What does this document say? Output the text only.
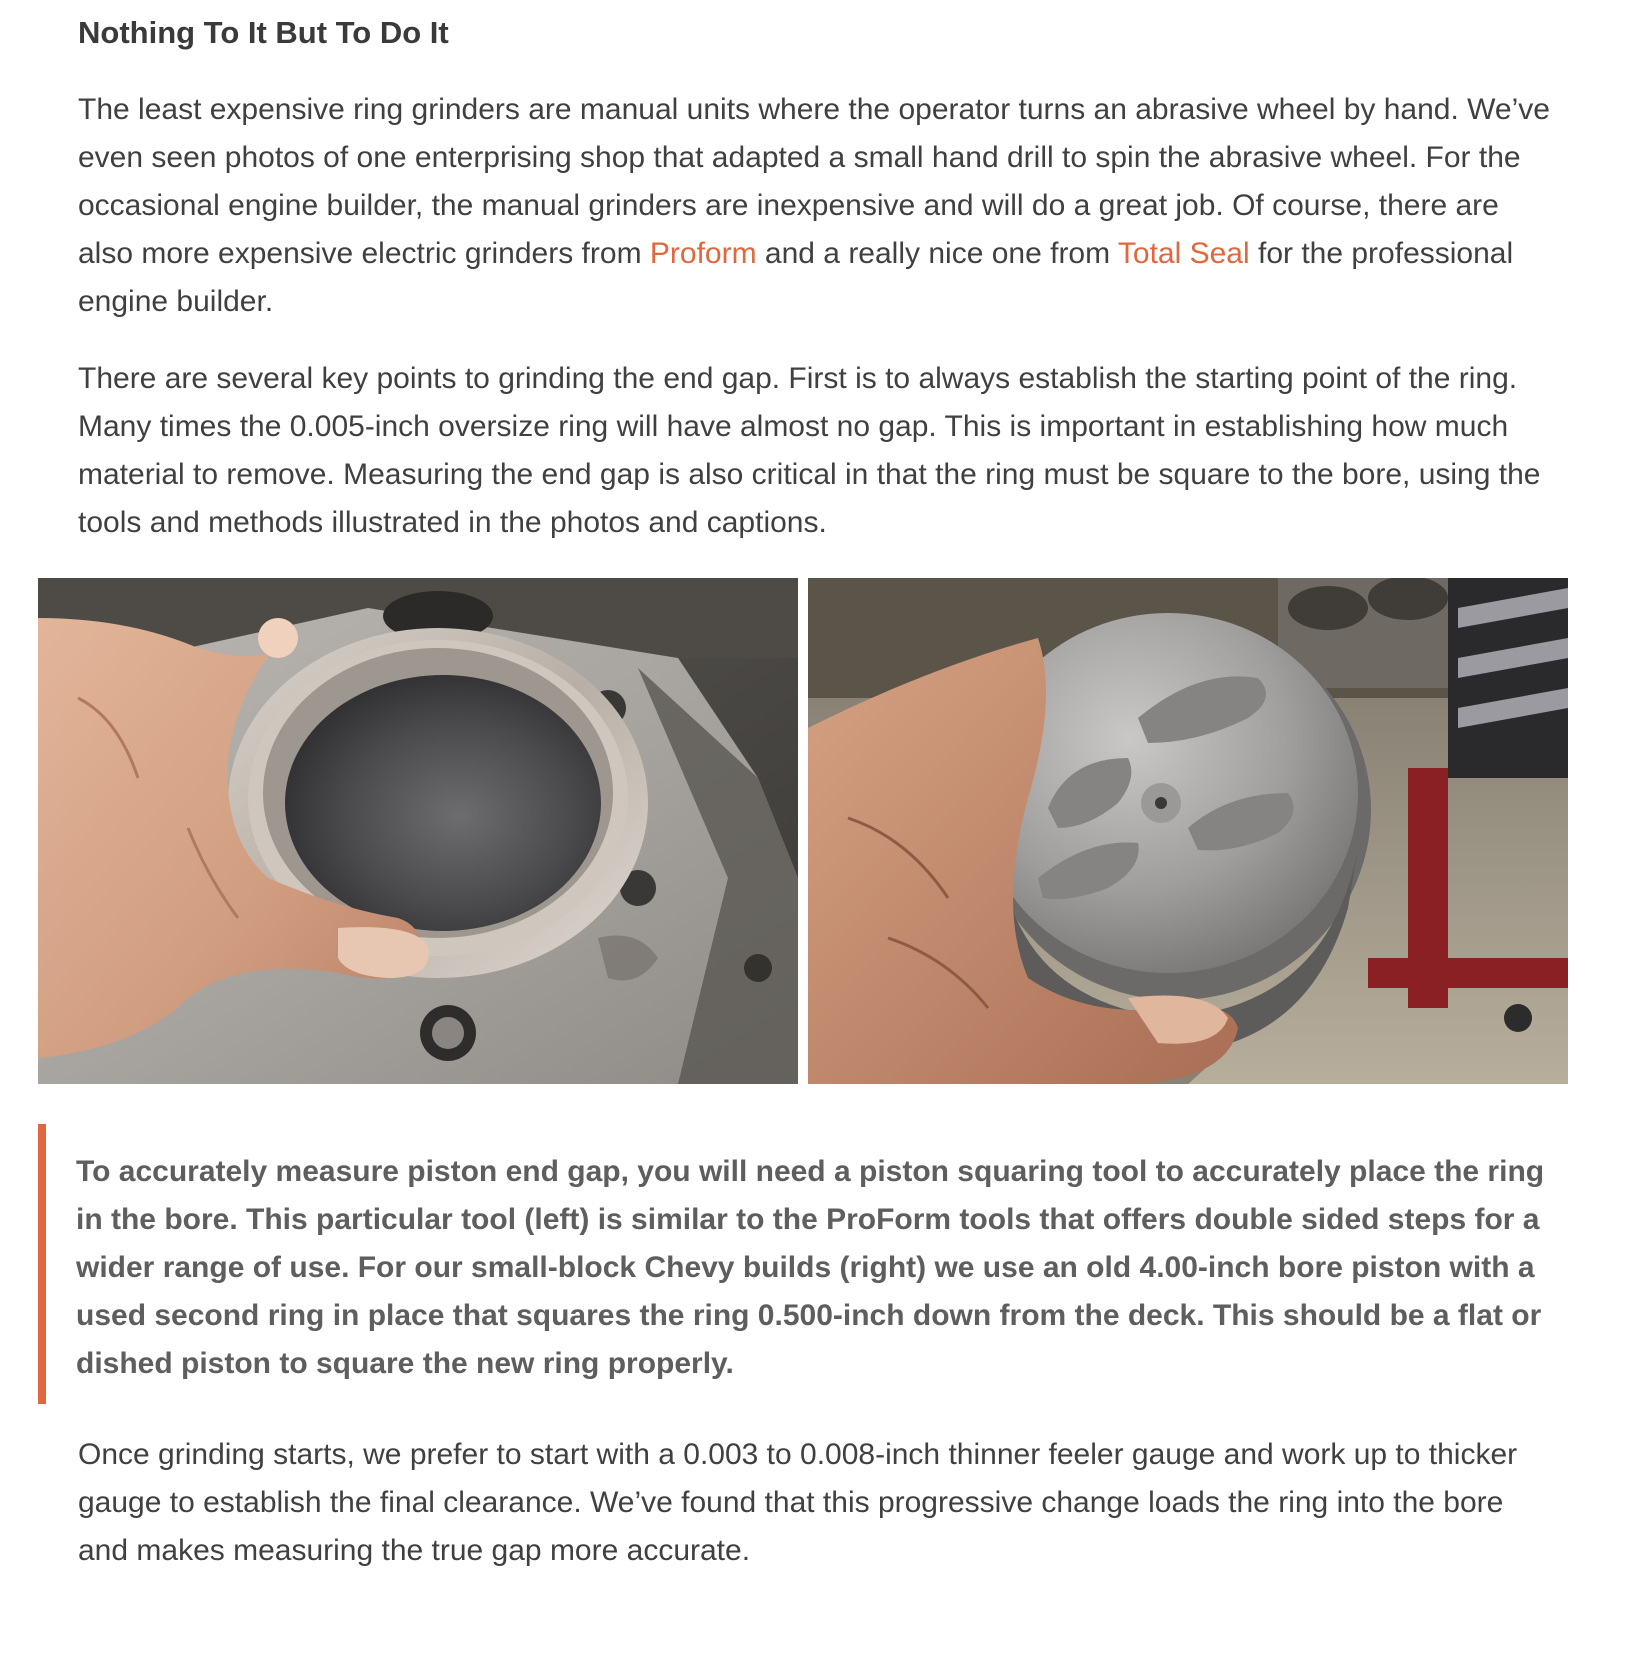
Nothing To It But To Do It

The least expensive ring grinders are manual units where the operator turns an abrasive wheel by hand. We’ve even seen photos of one enterprising shop that adapted a small hand drill to spin the abrasive wheel. For the occasional engine builder, the manual grinders are inexpensive and will do a great job. Of course, there are also more expensive electric grinders from Proform and a really nice one from Total Seal for the professional engine builder.

There are several key points to grinding the end gap. First is to always establish the starting point of the ring. Many times the 0.005-inch oversize ring will have almost no gap. This is important in establishing how much material to remove. Measuring the end gap is also critical in that the ring must be square to the bore, using the tools and methods illustrated in the photos and captions.

To accurately measure piston end gap, you will need a piston squaring tool to accurately place the ring in the bore. This particular tool (left) is similar to the ProForm tools that offers double sided steps for a wider range of use. For our small-block Chevy builds (right) we use an old 4.00-inch bore piston with a used second ring in place that squares the ring 0.500-inch down from the deck. This should be a flat or dished piston to square the new ring properly.

Once grinding starts, we prefer to start with a 0.003 to 0.008-inch thinner feeler gauge and work up to thicker gauge to establish the final clearance. We’ve found that this progressive change loads the ring into the bore and makes measuring the true gap more accurate.
